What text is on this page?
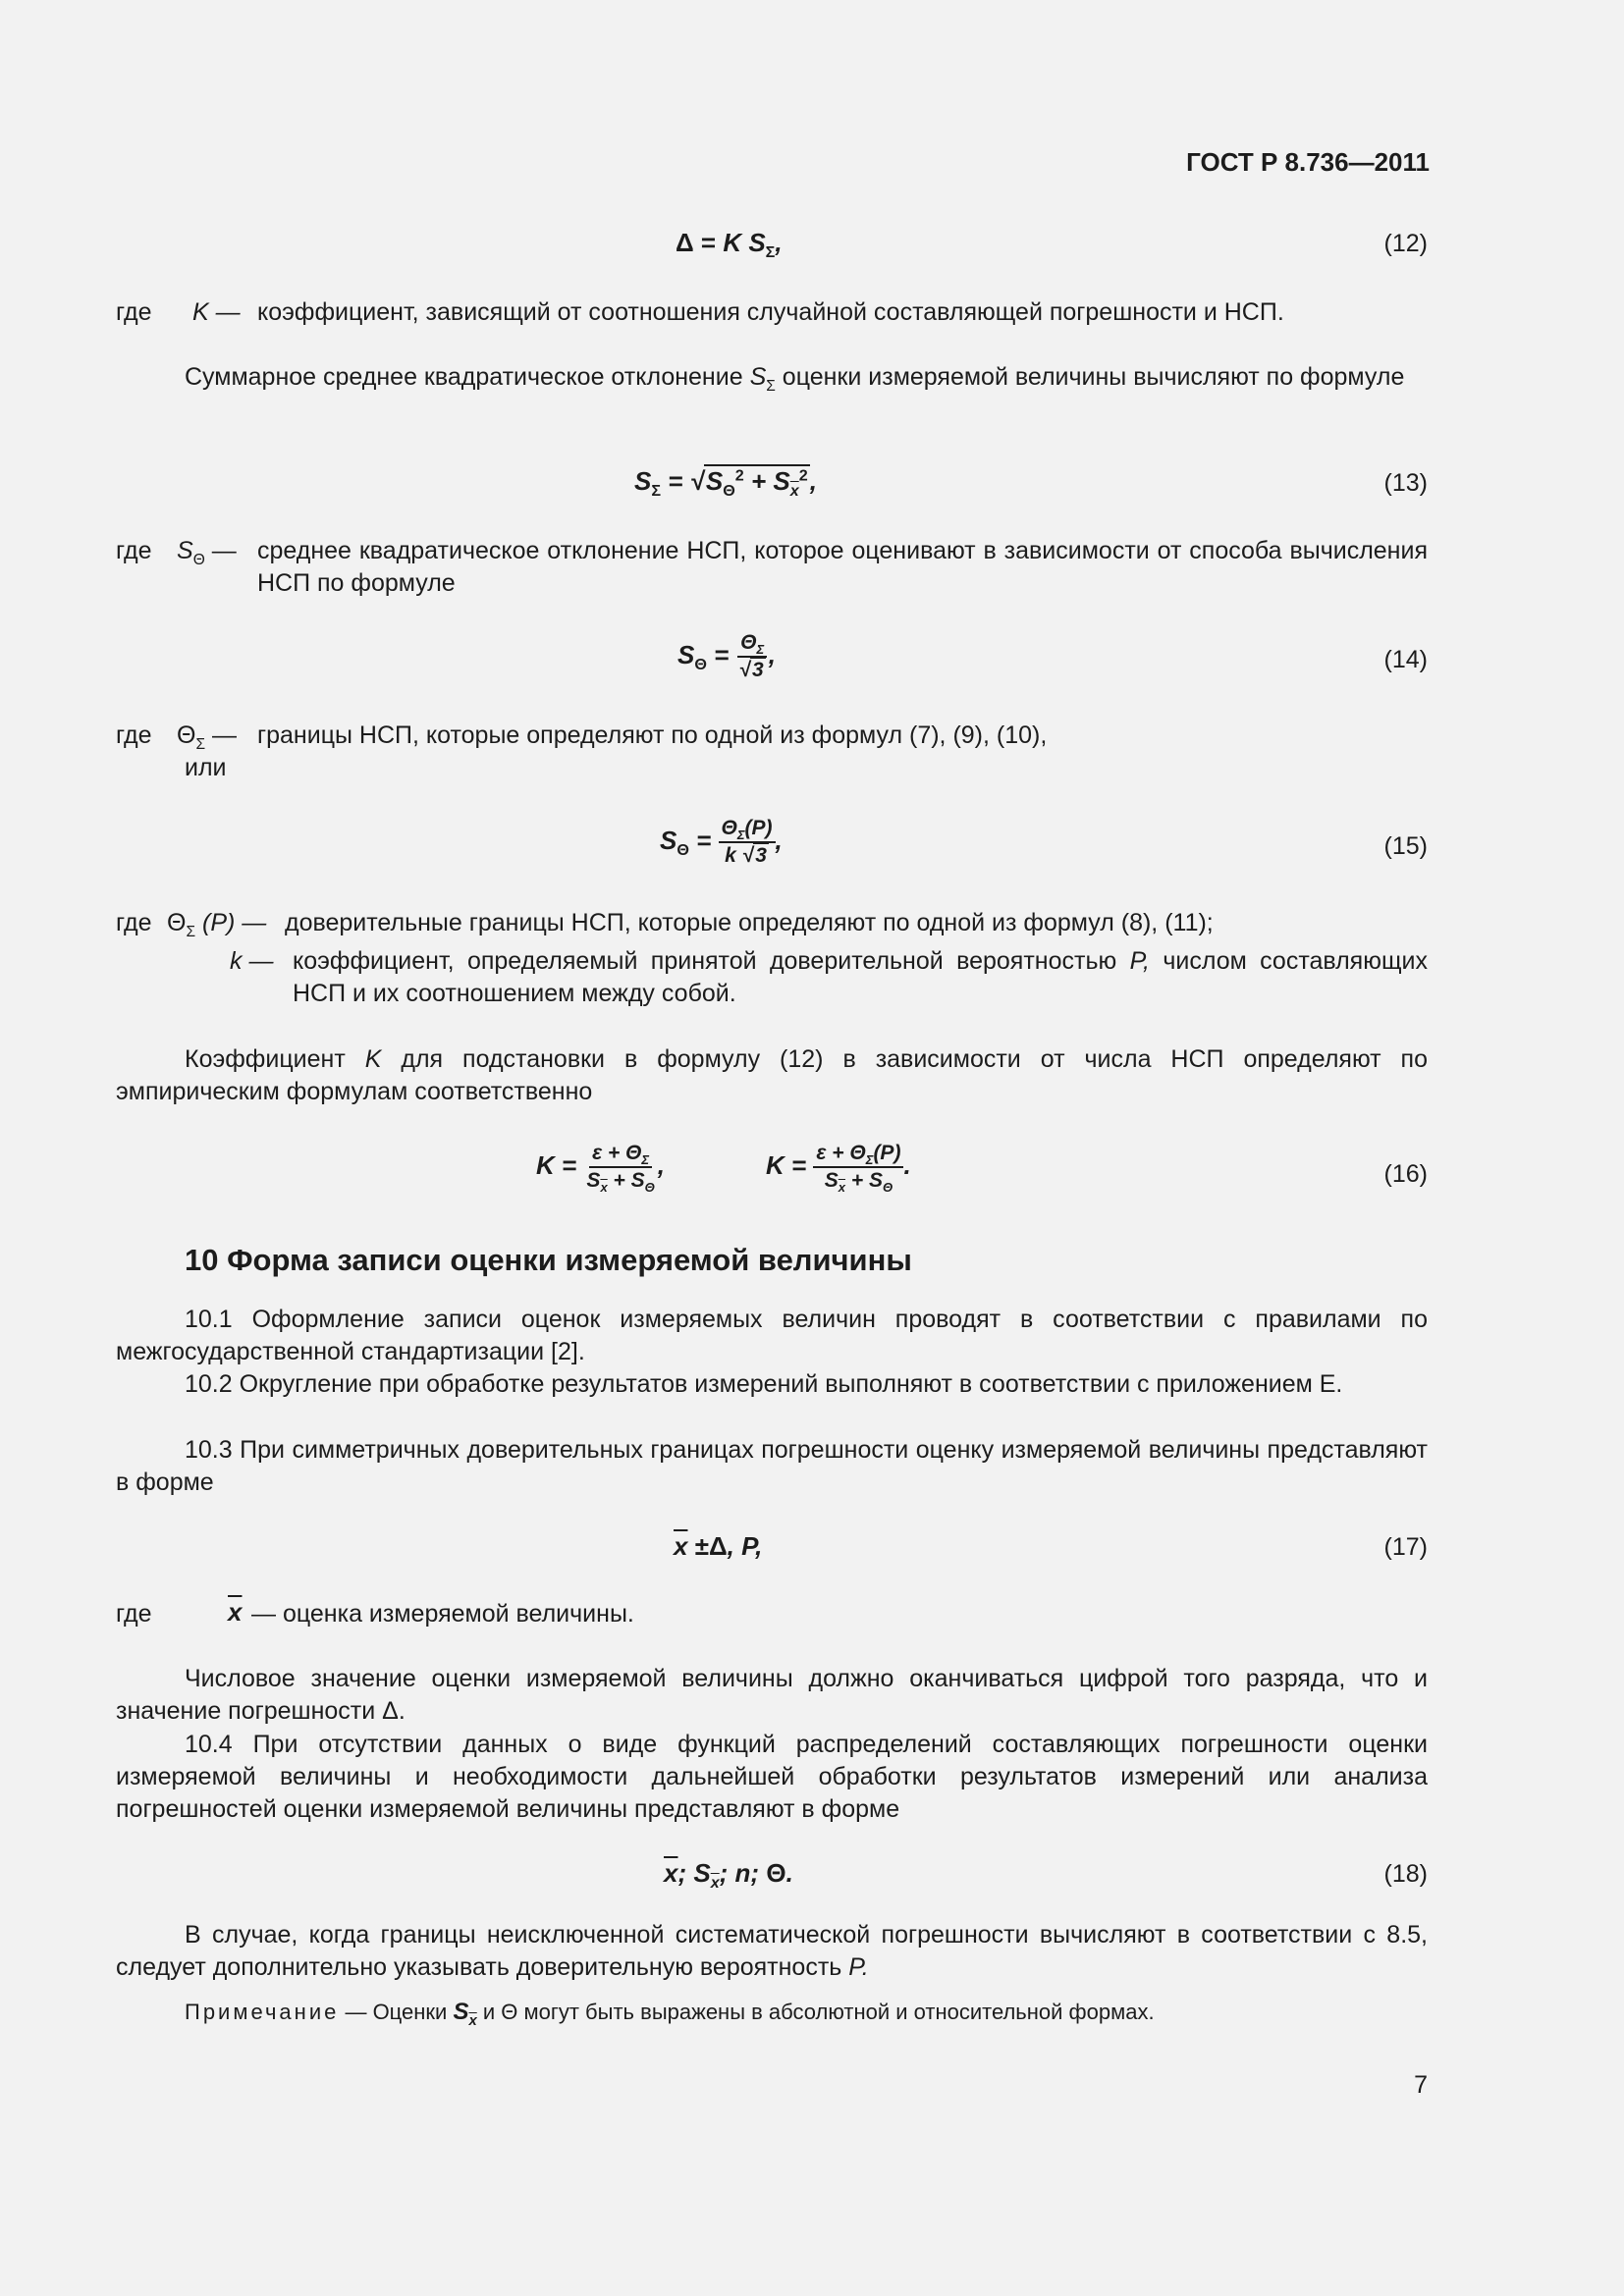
ГОСТ Р 8.736—2011
Δ = K $S_\Sigma$,	(12)
где K — коэффициент, зависящий от соотношения случайной составляющей погрешности и НСП.
Суммарное среднее квадратическое отклонение $S_\Sigma$ оценки измеряемой величины вычисляют по формуле
$S_\Sigma = √S_\Theta^2 + S_{\overline{x}}^2$,	(13)
где $S_\Theta$ — среднее квадратическое отклонение НСП, которое оценивают в зависимости от способа вычисления НСП по формуле
$S_\Theta = \frac{\Theta_\Sigma}{√3}$ ,	(14)
где $\Theta_\Sigma$ — границы НСП, которые определяют по одной из формул (7), (9), (10),
или
$S_\Theta = \frac{\Theta_\Sigma(P)}{k √3}$ ,	(15)
где $\Theta_\Sigma$ (P) — доверительные границы НСП, которые определяют по одной из формул (8), (11);
k — коэффициент, определяемый принятой доверительной вероятностью P, числом составляющих НСП и их соотношением между собой.
Коэффициент K для подстановки в формулу (12) в зависимости от числа НСП определяют по эмпирическим формулам соответственно
$K = \frac{\varepsilon + \Theta_\Sigma}{S_{\overline{x}} + S_\Theta}$ ,	$K = \frac{\varepsilon + \Theta_\Sigma(P)}{S_{\overline{x}} + S_\Theta}$ .	(16)
10 Форма записи оценки измеряемой величины
10.1 Оформление записи оценок измеряемых величин проводят в соответствии с правилами по межгосударственной стандартизации [2].
10.2 Округление при обработке результатов измерений выполняют в соответствии с приложением Е.
10.3 При симметричных доверительных границах погрешности оценку измеряемой величины представляют в форме
$\overline{x} \pm\Delta$, P,	(17)
где	$\overline{x}$ — оценка измеряемой величины.
Числовое значение оценки измеряемой величины должно оканчиваться цифрой того разряда, что и значение погрешности Δ.
10.4 При отсутствии данных о виде функций распределений составляющих погрешности оценки измеряемой величины и необходимости дальнейшей обработки результатов измерений или анализа погрешностей оценки измеряемой величины представляют в форме
$\overline{x}$; $S_{\overline{x}}$; n; Θ.	(18)
В случае, когда границы неисключенной систематической погрешности вычисляют в соответствии с 8.5, следует дополнительно указывать доверительную вероятность P.
Примечание — Оценки $S_{\overline{x}}$ и Θ могут быть выражены в абсолютной и относительной формах.
7
